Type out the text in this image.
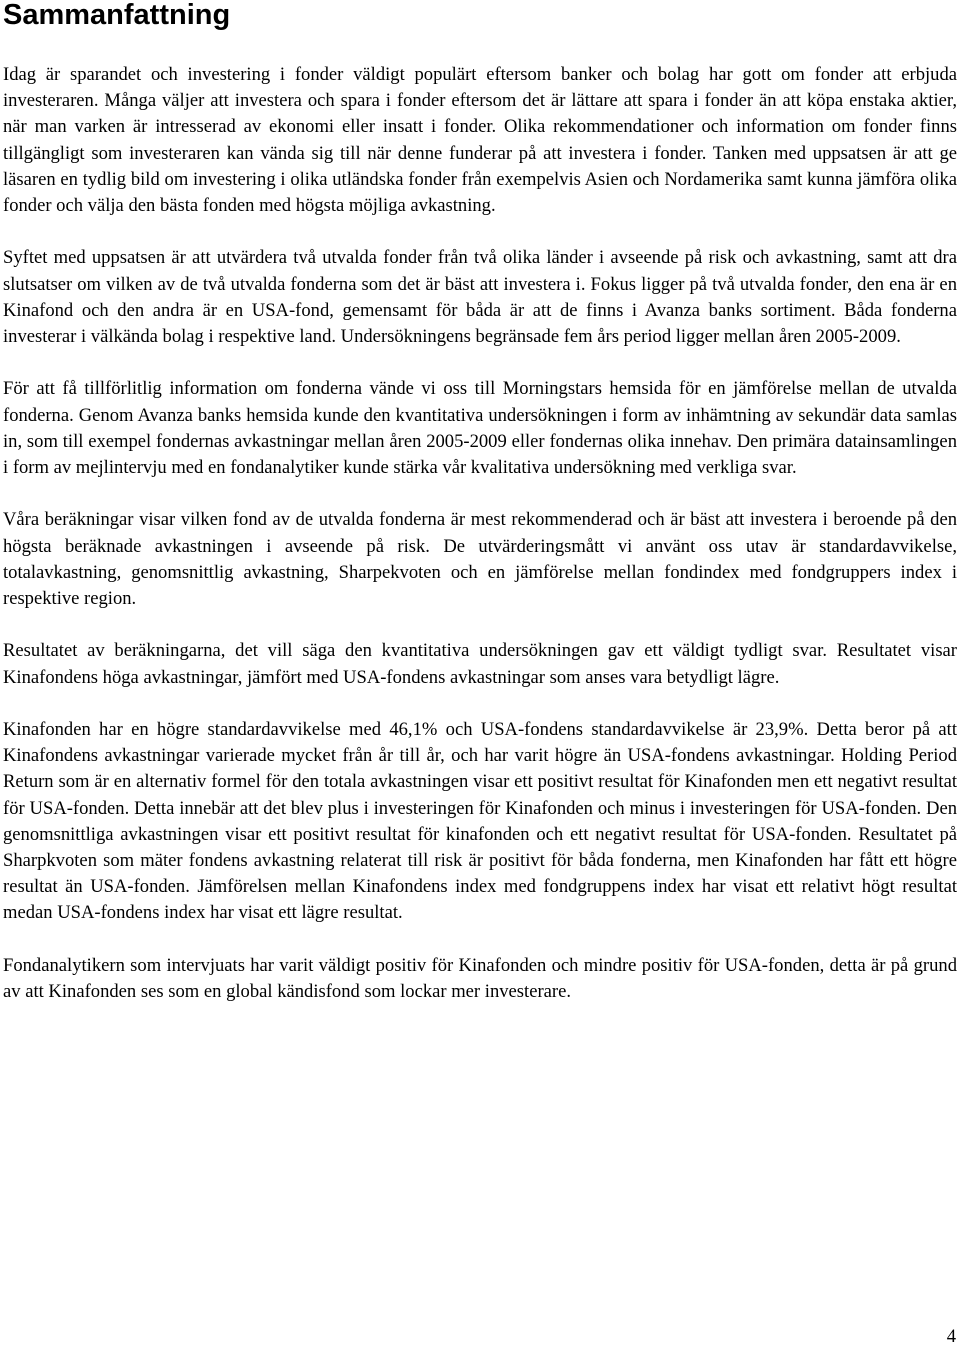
Sammanfattning

Idag är sparandet och investering i fonder väldigt populärt eftersom banker och bolag har gott om fonder att erbjuda investeraren. Många väljer att investera och spara i fonder eftersom det är lättare att spara i fonder än att köpa enstaka aktier, när man varken är intresserad av ekonomi eller insatt i fonder. Olika rekommendationer och information om fonder finns tillgängligt som investeraren kan vända sig till när denne funderar på att investera i fonder. Tanken med uppsatsen är att ge läsaren en tydlig bild om investering i olika utländska fonder från exempelvis Asien och Nordamerika samt kunna jämföra olika fonder och välja den bästa fonden med högsta möjliga avkastning.

Syftet med uppsatsen är att utvärdera två utvalda fonder från två olika länder i avseende på risk och avkastning, samt att dra slutsatser om vilken av de två utvalda fonderna som det är bäst att investera i. Fokus ligger på två utvalda fonder, den ena är en Kinafond och den andra är en USA-fond, gemensamt för båda är att de finns i Avanza banks sortiment. Båda fonderna investerar i välkända bolag i respektive land. Undersökningens begränsade fem års period ligger mellan åren 2005-2009.

För att få tillförlitlig information om fonderna vände vi oss till Morningstars hemsida för en jämförelse mellan de utvalda fonderna. Genom Avanza banks hemsida kunde den kvantitativa undersökningen i form av inhämtning av sekundär data samlas in, som till exempel fondernas avkastningar mellan åren 2005-2009 eller fondernas olika innehav. Den primära datainsamlingen i form av mejlintervju med en fondanalytiker kunde stärka vår kvalitativa undersökning med verkliga svar.

Våra beräkningar visar vilken fond av de utvalda fonderna är mest rekommenderad och är bäst att investera i beroende på den högsta beräknade avkastningen i avseende på risk. De utvärderingsmått vi använt oss utav är standardavvikelse, totalavkastning, genomsnittlig avkastning, Sharpekvoten och en jämförelse mellan fondindex med fondgruppers index i respektive region.

Resultatet av beräkningarna, det vill säga den kvantitativa undersökningen gav ett väldigt tydligt svar. Resultatet visar Kinafondens höga avkastningar, jämfört med USA-fondens avkastningar som anses vara betydligt lägre.

Kinafonden har en högre standardavvikelse med 46,1% och USA-fondens standardavvikelse är 23,9%. Detta beror på att Kinafondens avkastningar varierade mycket från år till år, och har varit högre än USA-fondens avkastningar. Holding Period Return som är en alternativ formel för den totala avkastningen visar ett positivt resultat för Kinafonden men ett negativt resultat för USA-fonden. Detta innebär att det blev plus i investeringen för Kinafonden och minus i investeringen för USA-fonden. Den genomsnittliga avkastningen visar ett positivt resultat för kinafonden och ett negativt resultat för USA-fonden. Resultatet på Sharpkvoten som mäter fondens avkastning relaterat till risk är positivt för båda fonderna, men Kinafonden har fått ett högre resultat än USA-fonden. Jämförelsen mellan Kinafondens index med fondgruppens index har visat ett relativt högt resultat medan USA-fondens index har visat ett lägre resultat.

Fondanalytikern som intervjuats har varit väldigt positiv för Kinafonden och mindre positiv för USA-fonden, detta är på grund av att Kinafonden ses som en global kändisfond som lockar mer investerare.

4
